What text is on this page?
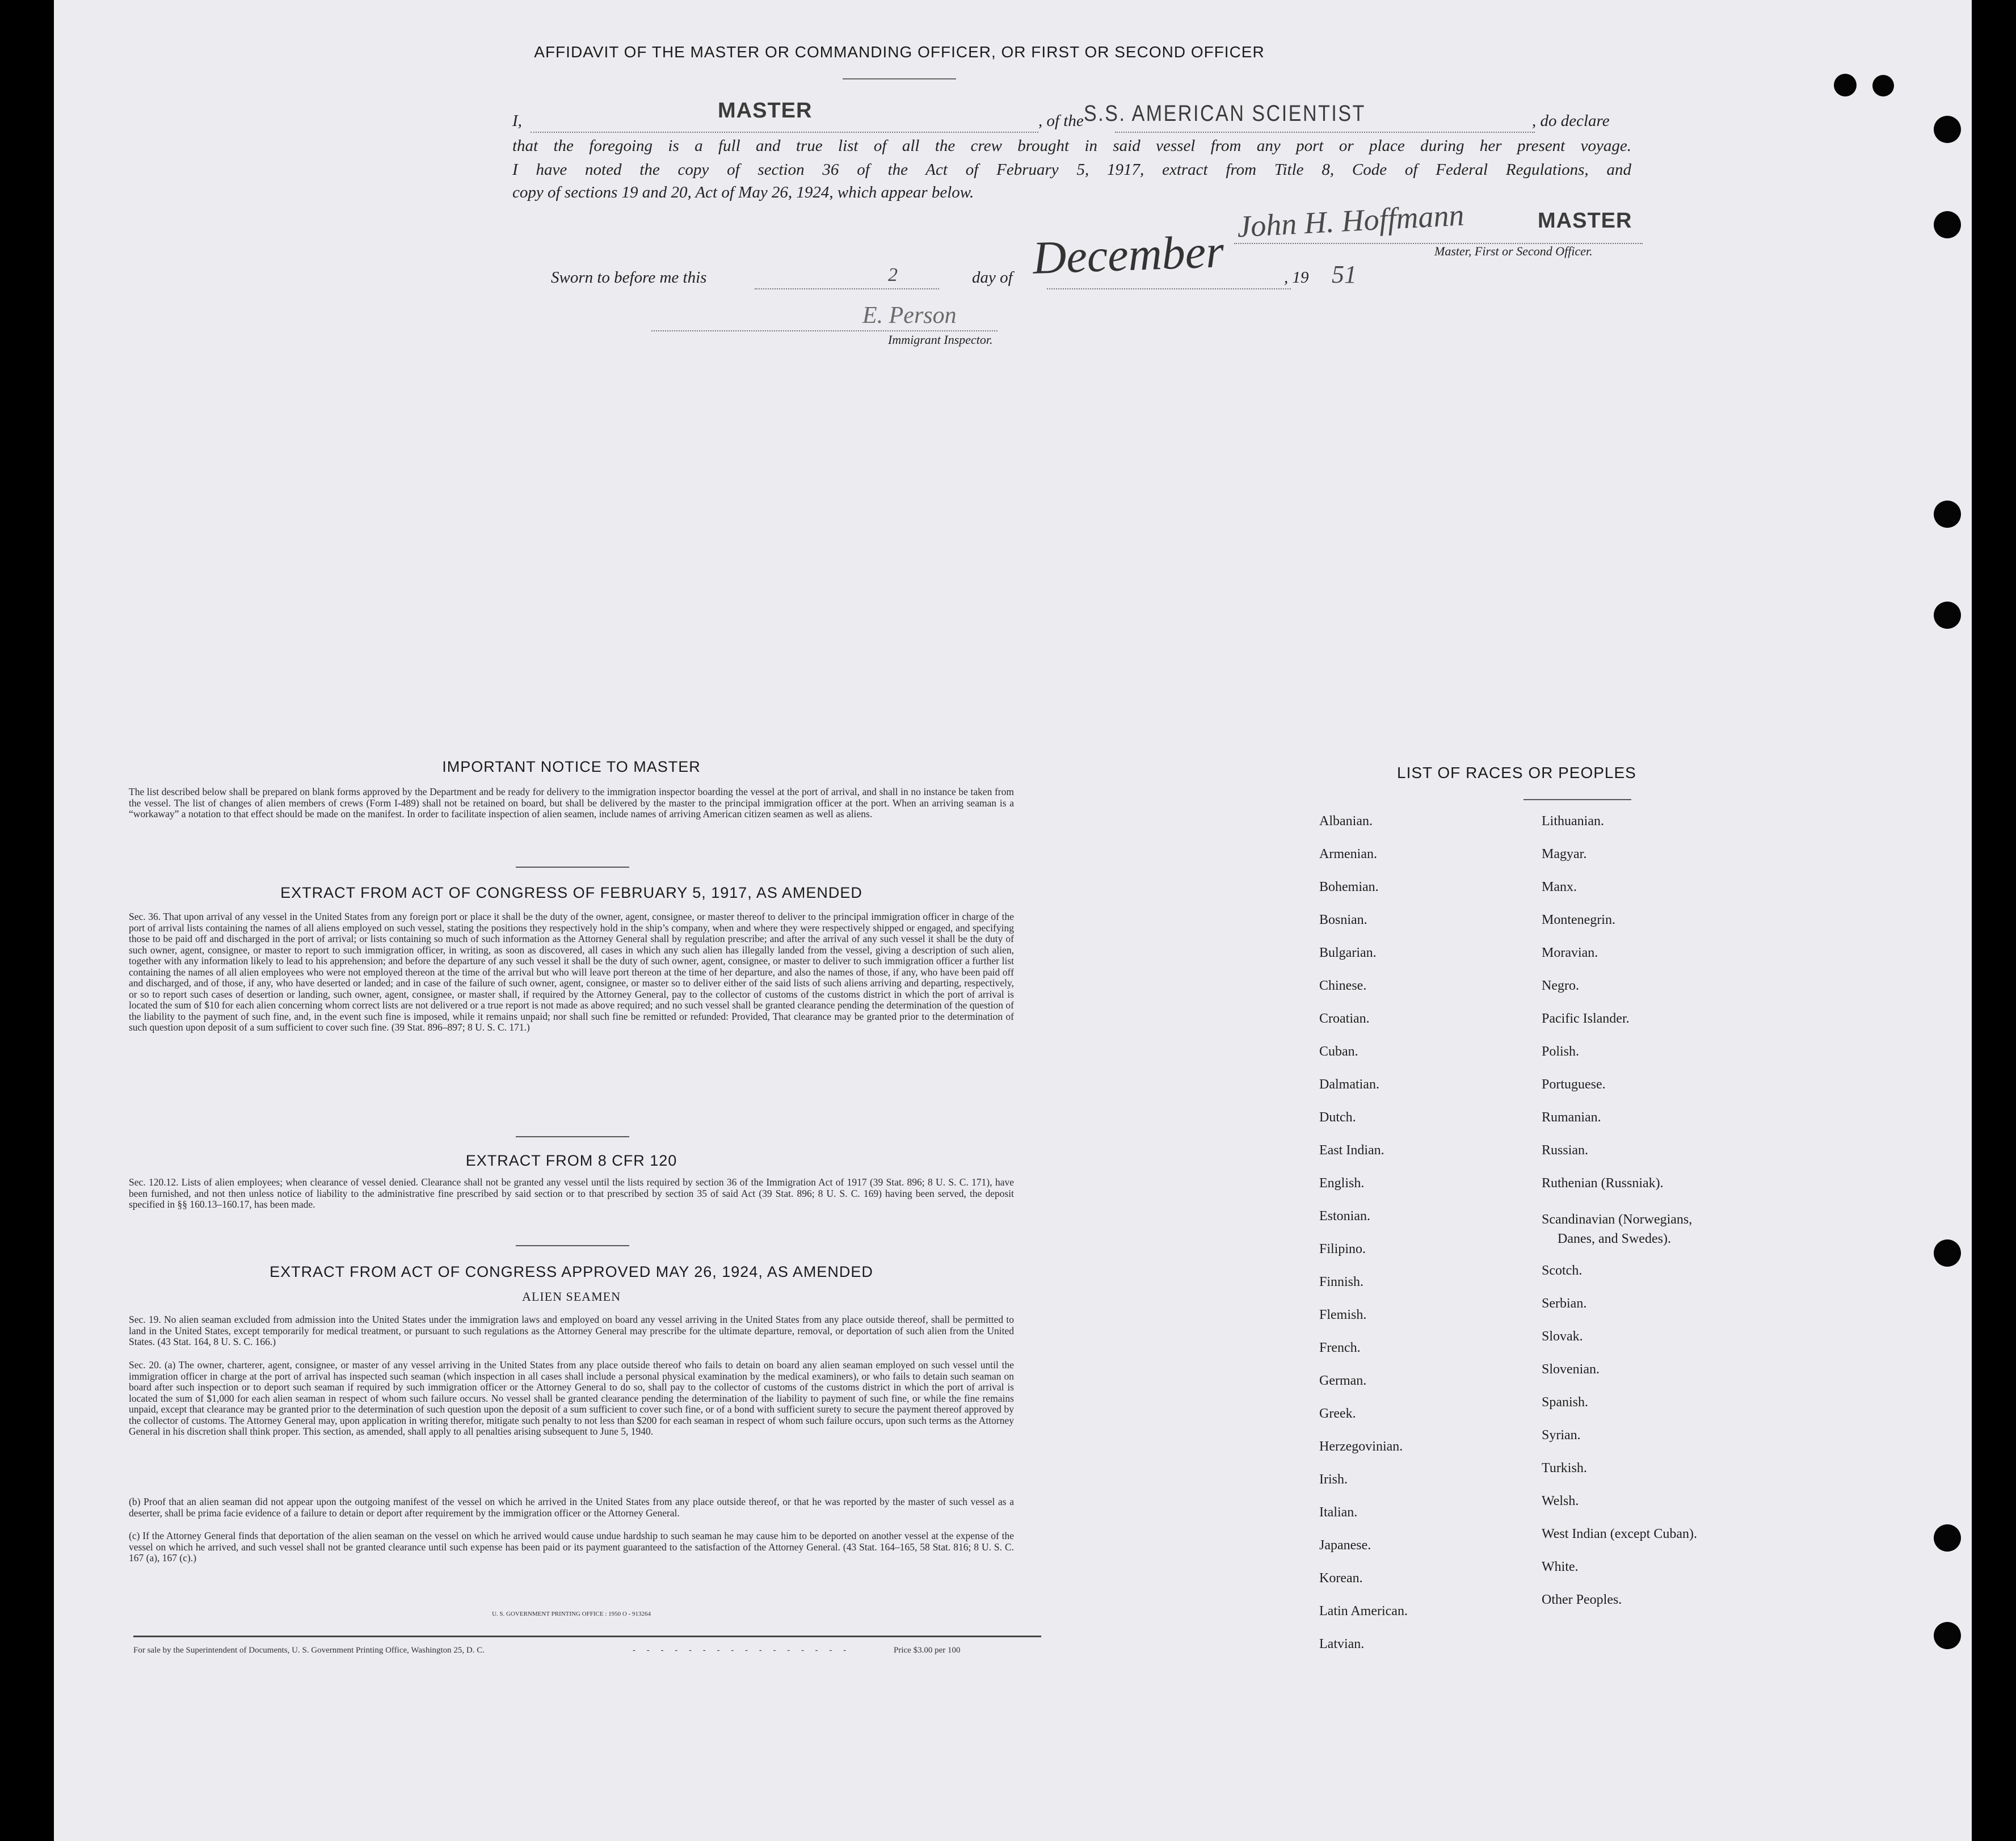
AFFIDAVIT OF THE MASTER OR COMMANDING OFFICER, OR FIRST OR SECOND OFFICER
I,	MASTER	, of the S.S. AMERICAN SCIENTIST	, do declare
that the foregoing is a full and true list of all the crew brought in said vessel from any port or place during her present voyage.
I have noted the copy of section 36 of the Act of February 5, 1917, extract from Title 8, Code of Federal Regulations, and
copy of sections 19 and 20, Act of May 26, 1924, which appear below.
John H. Hoffmann	MASTER
Master, First or Second Officer.
Sworn to before me this	2	day of December	, 19 51
E. Person
Immigrant Inspector.
IMPORTANT NOTICE TO MASTER
The list described below shall be prepared on blank forms approved by the Department and be ready for delivery to the immigration inspector boarding the vessel at the port of arrival, and shall in no instance be taken from the vessel. The list of changes of alien members of crews (Form I-489) shall not be retained on board, but shall be delivered by the master to the principal immigration officer at the port. When an arriving seaman is a “workaway” a notation to that effect should be made on the manifest. In order to facilitate inspection of alien seamen, include names of arriving American citizen seamen as well as aliens.
EXTRACT FROM ACT OF CONGRESS OF FEBRUARY 5, 1917, AS AMENDED
Sec. 36. That upon arrival of any vessel in the United States from any foreign port or place it shall be the duty of the owner, agent, consignee, or master thereof to deliver to the principal immigration officer in charge of the port of arrival lists containing the names of all aliens employed on such vessel, stating the positions they respectively hold in the ship’s company, when and where they were respectively shipped or engaged, and specifying those to be paid off and discharged in the port of arrival; or lists containing so much of such information as the Attorney General shall by regulation prescribe; and after the arrival of any such vessel it shall be the duty of such owner, agent, consignee, or master to report to such immigration officer, in writing, as soon as discovered, all cases in which any such alien has illegally landed from the vessel, giving a description of such alien, together with any information likely to lead to his apprehension; and before the departure of any such vessel it shall be the duty of such owner, agent, consignee, or master to deliver to such immigration officer a further list containing the names of all alien employees who were not employed thereon at the time of the arrival but who will leave port thereon at the time of her departure, and also the names of those, if any, who have been paid off and discharged, and of those, if any, who have deserted or landed; and in case of the failure of such owner, agent, consignee, or master so to deliver either of the said lists of such aliens arriving and departing, respectively, or so to report such cases of desertion or landing, such owner, agent, consignee, or master shall, if required by the Attorney General, pay to the collector of customs of the customs district in which the port of arrival is located the sum of $10 for each alien concerning whom correct lists are not delivered or a true report is not made as above required; and no such vessel shall be granted clearance pending the determination of the question of the liability to the payment of such fine, and, in the event such fine is imposed, while it remains unpaid; nor shall such fine be remitted or refunded: Provided, That clearance may be granted prior to the determination of such question upon deposit of a sum sufficient to cover such fine. (39 Stat. 896–897; 8 U. S. C. 171.)
EXTRACT FROM 8 CFR 120
Sec. 120.12. Lists of alien employees; when clearance of vessel denied. Clearance shall not be granted any vessel until the lists required by section 36 of the Immigration Act of 1917 (39 Stat. 896; 8 U. S. C. 171), have been furnished, and not then unless notice of liability to the administrative fine prescribed by said section or to that prescribed by section 35 of said Act (39 Stat. 896; 8 U. S. C. 169) having been served, the deposit specified in §§ 160.13–160.17, has been made.
EXTRACT FROM ACT OF CONGRESS APPROVED MAY 26, 1924, AS AMENDED
ALIEN SEAMEN
Sec. 19. No alien seaman excluded from admission into the United States under the immigration laws and employed on board any vessel arriving in the United States from any place outside thereof, shall be permitted to land in the United States, except temporarily for medical treatment, or pursuant to such regulations as the Attorney General may prescribe for the ultimate departure, removal, or deportation of such alien from the United States. (43 Stat. 164, 8 U. S. C. 166.)
Sec. 20. (a) The owner, charterer, agent, consignee, or master of any vessel arriving in the United States from any place outside thereof who fails to detain on board any alien seaman employed on such vessel until the immigration officer in charge at the port of arrival has inspected such seaman (which inspection in all cases shall include a personal physical examination by the medical examiners), or who fails to detain such seaman on board after such inspection or to deport such seaman if required by such immigration officer or the Attorney General to do so, shall pay to the collector of customs of the customs district in which the port of arrival is located the sum of $1,000 for each alien seaman in respect of whom such failure occurs. No vessel shall be granted clearance pending the determination of the liability to payment of such fine, or while the fine remains unpaid, except that clearance may be granted prior to the determination of such question upon the deposit of a sum sufficient to cover such fine, or of a bond with sufficient surety to secure the payment thereof approved by the collector of customs. The Attorney General may, upon application in writing therefor, mitigate such penalty to not less than $200 for each seaman in respect of whom such failure occurs, upon such terms as the Attorney General in his discretion shall think proper. This section, as amended, shall apply to all penalties arising subsequent to June 5, 1940.
(b) Proof that an alien seaman did not appear upon the outgoing manifest of the vessel on which he arrived in the United States from any place outside thereof, or that he was reported by the master of such vessel as a deserter, shall be prima facie evidence of a failure to detain or deport after requirement by the immigration officer or the Attorney General.
(c) If the Attorney General finds that deportation of the alien seaman on the vessel on which he arrived would cause undue hardship to such seaman he may cause him to be deported on another vessel at the expense of the vessel on which he arrived, and such vessel shall not be granted clearance until such expense has been paid or its payment guaranteed to the satisfaction of the Attorney General. (43 Stat. 164–165, 58 Stat. 816; 8 U. S. C. 167 (a), 167 (c).)
U. S. GOVERNMENT PRINTING OFFICE : 1950 O - 913264
For sale by the Superintendent of Documents, U. S. Government Printing Office, Washington 25, D. C.	- - - - - - - - - - - - - - - -	Price $3.00 per 100
LIST OF RACES OR PEOPLES
Albanian.
Armenian.
Bohemian.
Bosnian.
Bulgarian.
Chinese.
Croatian.
Cuban.
Dalmatian.
Dutch.
East Indian.
English.
Estonian.
Filipino.
Finnish.
Flemish.
French.
German.
Greek.
Herzegovinian.
Irish.
Italian.
Japanese.
Korean.
Latin American.
Latvian.
Lithuanian.
Magyar.
Manx.
Montenegrin.
Moravian.
Negro.
Pacific Islander.
Polish.
Portuguese.
Rumanian.
Russian.
Ruthenian (Russniak).
Scandinavian (Norwegians,
Danes, and Swedes).
Scotch.
Serbian.
Slovak.
Slovenian.
Spanish.
Syrian.
Turkish.
Welsh.
West Indian (except Cuban).
White.
Other Peoples.
